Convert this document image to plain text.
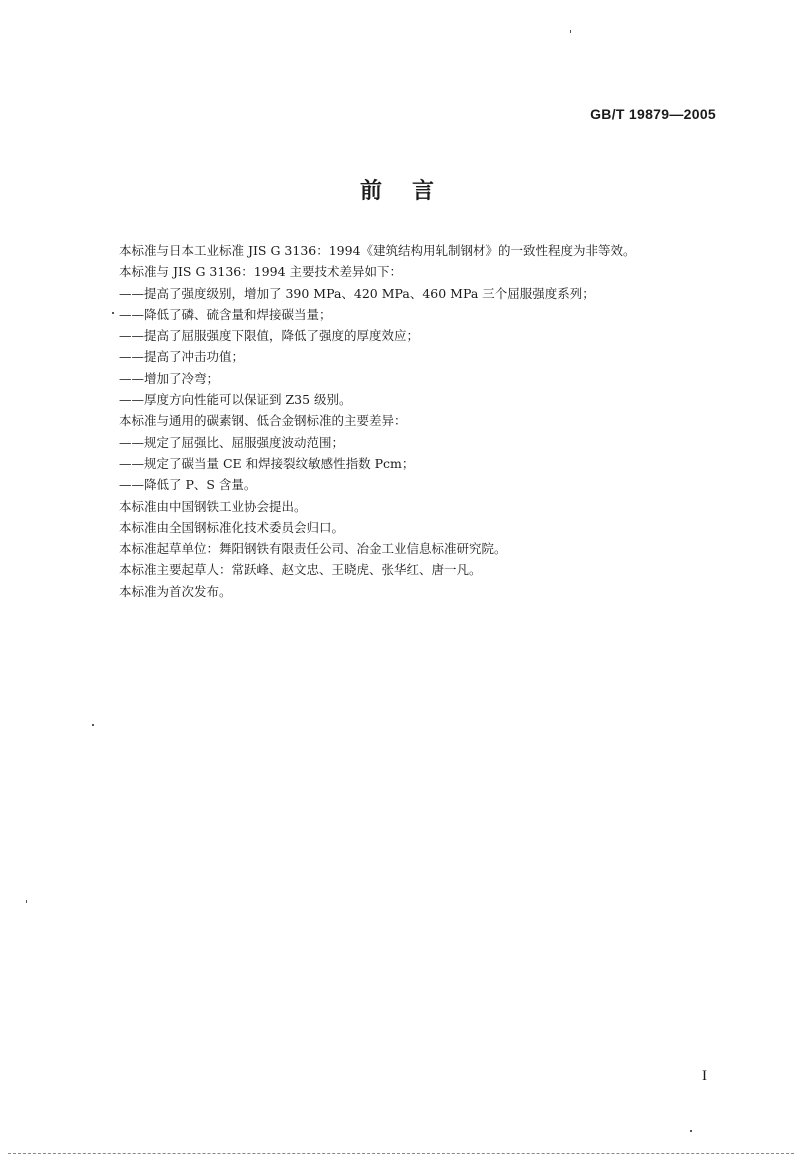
GB/T 19879—2005
前言
本标准与日本工业标准 JIS G 3136：1994《建筑结构用轧制钢材》的一致性程度为非等效。
本标准与 JIS G 3136：1994 主要技术差异如下：
——提高了强度级别，增加了 390 MPa、420 MPa、460 MPa 三个屈服强度系列；
——降低了磷、硫含量和焊接碳当量；
——提高了屈服强度下限值，降低了强度的厚度效应；
——提高了冲击功值；
——增加了冷弯；
——厚度方向性能可以保证到 Z35 级别。
本标准与通用的碳素钢、低合金钢标准的主要差异：
——规定了屈强比、屈服强度波动范围；
——规定了碳当量 CE 和焊接裂纹敏感性指数 Pcm；
——降低了 P、S 含量。
本标准由中国钢铁工业协会提出。
本标准由全国钢标准化技术委员会归口。
本标准起草单位：舞阳钢铁有限责任公司、冶金工业信息标准研究院。
本标准主要起草人：常跃峰、赵文忠、王晓虎、张华红、唐一凡。
本标准为首次发布。
I
